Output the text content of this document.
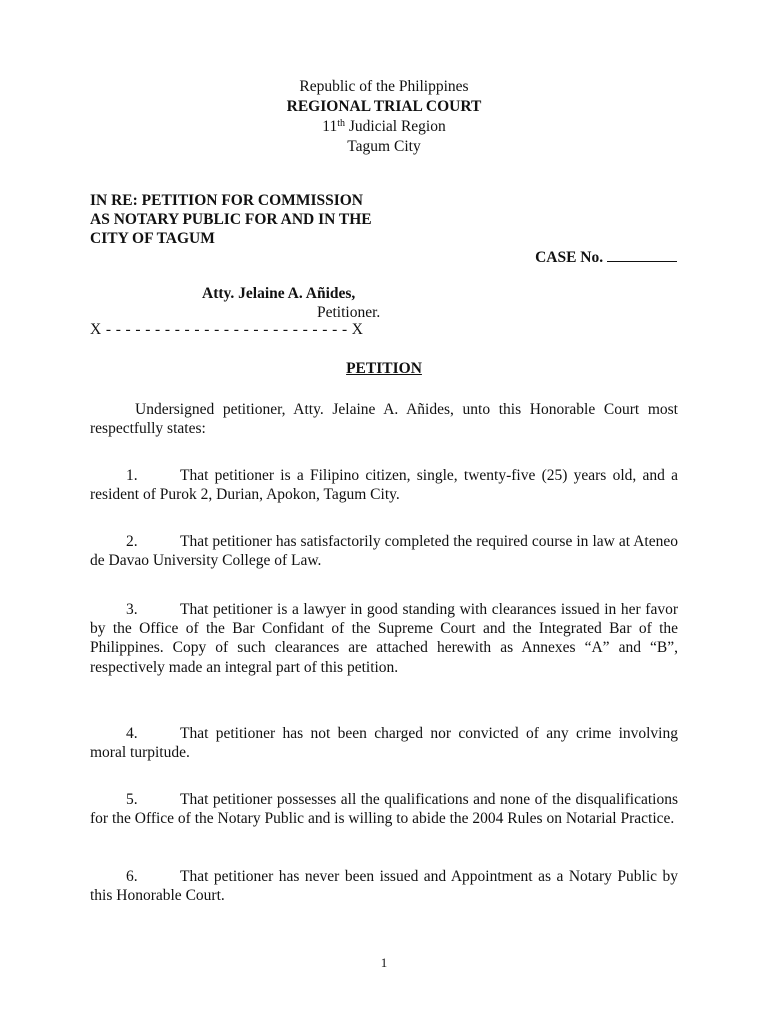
Republic of the Philippines
REGIONAL TRIAL COURT
11th Judicial Region
Tagum City
IN RE: PETITION FOR COMMISSION
AS NOTARY PUBLIC FOR AND IN THE
CITY OF TAGUM
CASE No.
Atty. Jelaine A. Añides,
Petitioner.
X - - - - - - - - - - - - - - - - - - - - - - - - - X
PETITION
Undersigned petitioner, Atty. Jelaine A. Añides, unto this Honorable Court most respectfully states:
1.	That petitioner is a Filipino citizen, single, twenty-five (25) years old, and a resident of Purok 2, Durian, Apokon, Tagum City.
2.	That petitioner has satisfactorily completed the required course in law at Ateneo de Davao University College of Law.
3.	That petitioner is a lawyer in good standing with clearances issued in her favor by the Office of the Bar Confidant of the Supreme Court and the Integrated Bar of the Philippines. Copy of such clearances are attached herewith as Annexes “A” and “B”, respectively made an integral part of this petition.
4.	That petitioner has not been charged nor convicted of any crime involving moral turpitude.
5.	That petitioner possesses all the qualifications and none of the disqualifications for the Office of the Notary Public and is willing to abide the 2004 Rules on Notarial Practice.
6.	That petitioner has never been issued and Appointment as a Notary Public by this Honorable Court.
1
